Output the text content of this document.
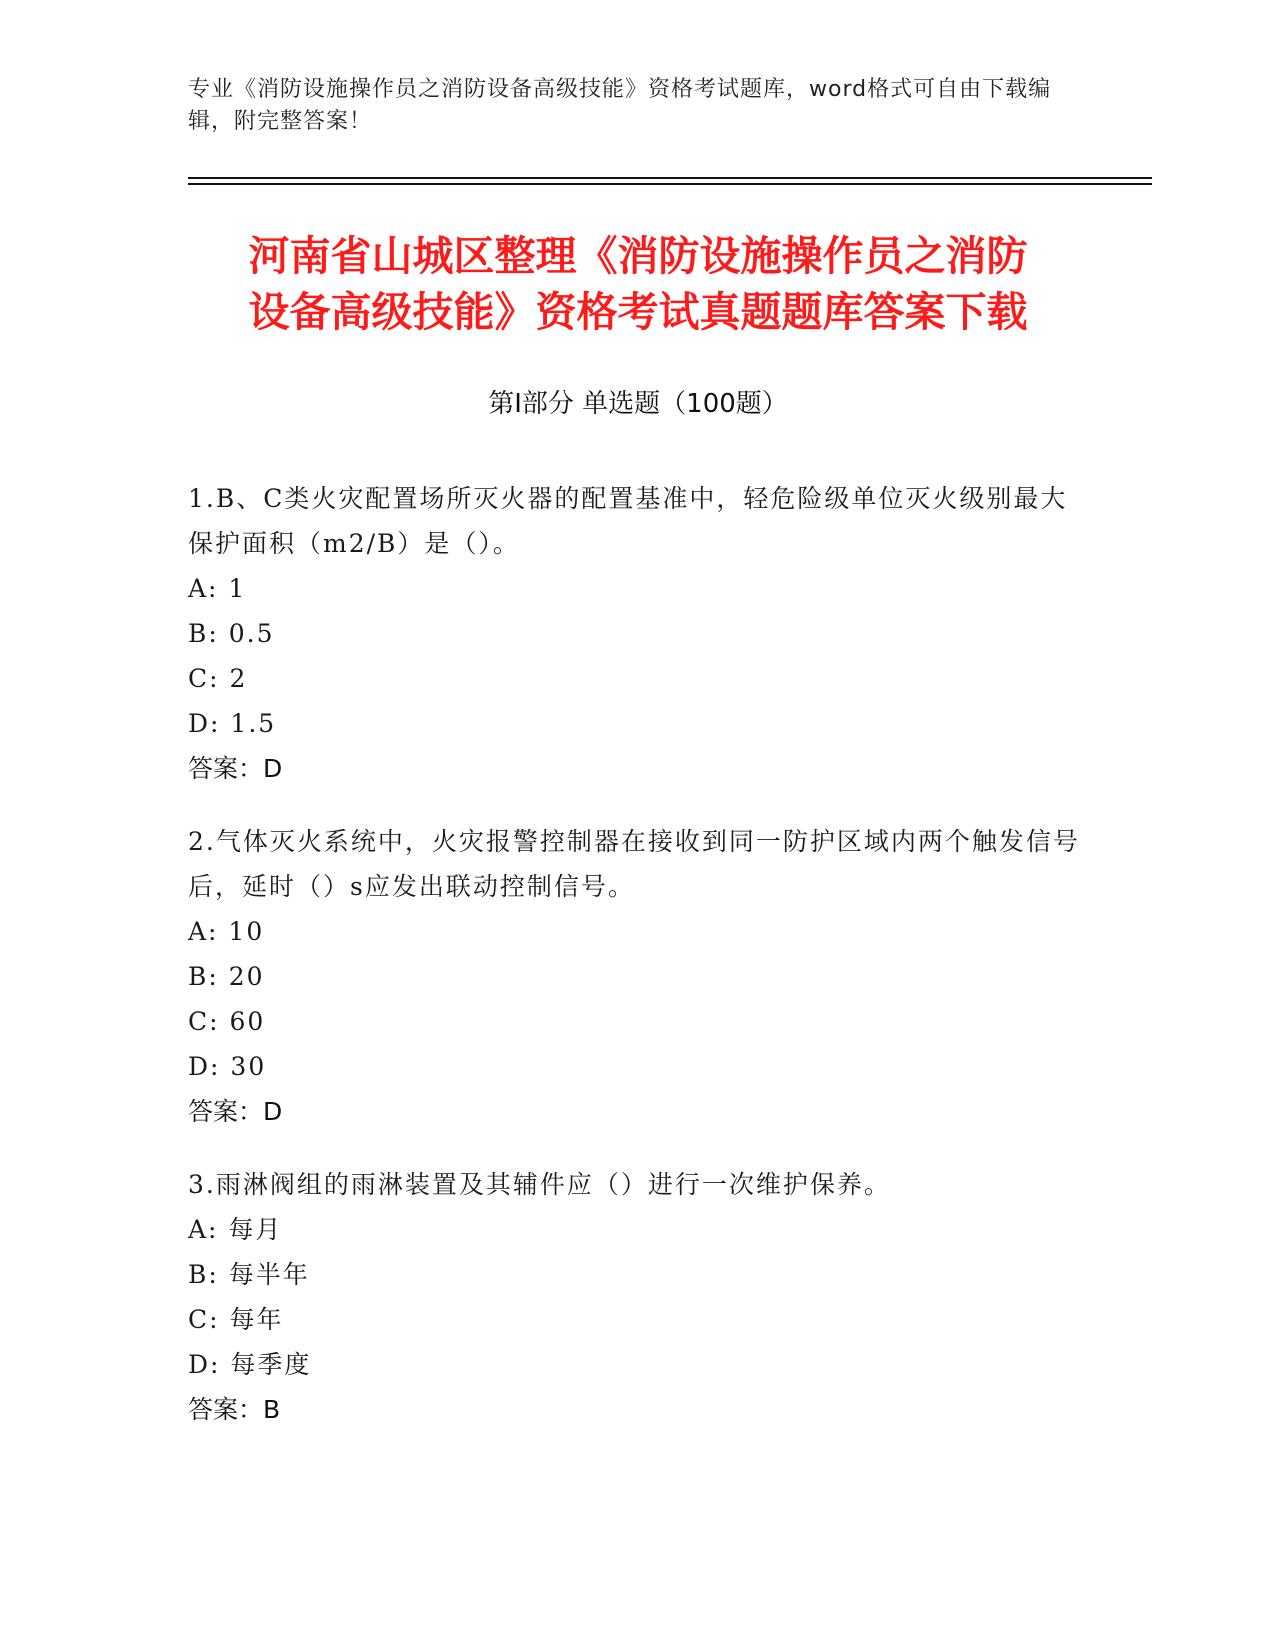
专业《消防设施操作员之消防设备高级技能》资格考试题库，word格式可自由下载编辑，附完整答案！
河南省山城区整理《消防设施操作员之消防
设备高级技能》资格考试真题题库答案下载
第Ⅰ部分 单选题（100题）

1.B、C类火灾配置场所灭火器的配置基准中，轻危险级单位灭火级别最大保护面积（m2/B）是（）。

A: 1

B: 0.5

C: 2

D: 1.5

答案：D

2.气体灭火系统中，火灾报警控制器在接收到同一防护区域内两个触发信号后，延时（）s应发出联动控制信号。

A: 10

B: 20

C: 60

D: 30

答案：D

3.雨淋阀组的雨淋装置及其辅件应（）进行一次维护保养。

A: 每月

B: 每半年

C: 每年

D: 每季度

答案：B
